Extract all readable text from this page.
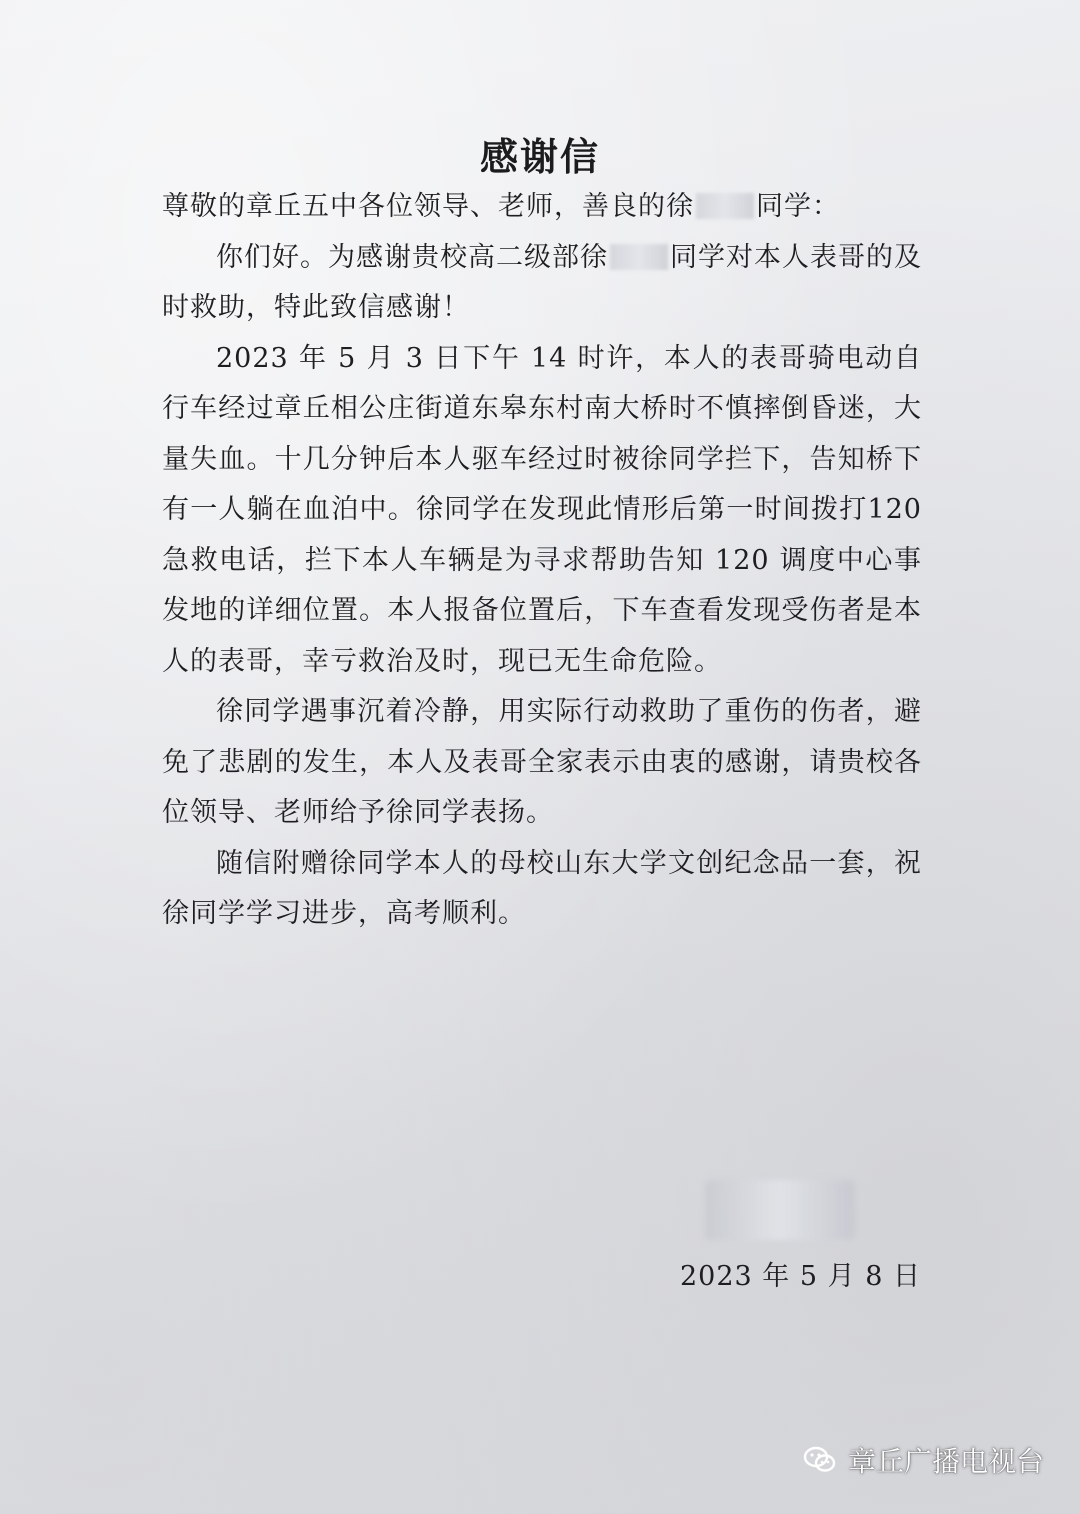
感谢信

尊敬的章丘五中各位领导、老师，善良的徐 同学：

你们好。为感谢贵校高二级部徐 同学对本人表哥的及时救助，特此致信感谢！

2023 年 5 月 3 日下午 14 时许，本人的表哥骑电动自行车经过章丘相公庄街道东皋东村南大桥时不慎摔倒昏迷，大量失血。十几分钟后本人驱车经过时被徐同学拦下，告知桥下有一人躺在血泊中。徐同学在发现此情形后第一时间拨打120 急救电话，拦下本人车辆是为寻求帮助告知 120 调度中心事发地的详细位置。本人报备位置后，下车查看发现受伤者是本人的表哥，幸亏救治及时，现已无生命危险。

徐同学遇事沉着冷静，用实际行动救助了重伤的伤者，避免了悲剧的发生，本人及表哥全家表示由衷的感谢，请贵校各位领导、老师给予徐同学表扬。

随信附赠徐同学本人的母校山东大学文创纪念品一套，祝徐同学学习进步，高考顺利。

2023 年 5 月 8 日
章丘广播电视台
